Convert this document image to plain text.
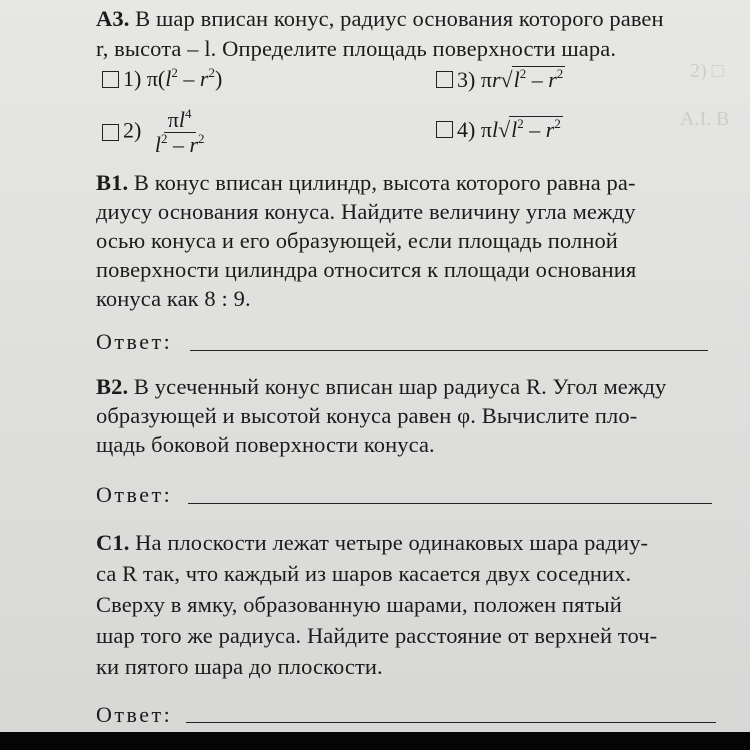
2) □
А.І. В
А3. В шар вписан конус, радиус основания которого равен
r, высота – l. Определите площадь поверхности шара.
1) $\pi(l^2 - r^2)$	3) $\pi r√l^2 - r^2$
$2) \frac{\pi l^4}{l^2 - r^2}$	4) $\pi l√l^2 - r^2$
В1. В конус вписан цилиндр, высота которого равна ра-
диусу основания конуса. Найдите величину угла между
осью конуса и его образующей, если площадь полной
поверхности цилиндра относится к площади основания
конуса как 8 : 9.
Ответ:
В2. В усеченный конус вписан шар радиуса R. Угол между
образующей и высотой конуса равен φ. Вычислите пло-
щадь боковой поверхности конуса.
Ответ:
С1. На плоскости лежат четыре одинаковых шара радиу-
са R так, что каждый из шаров касается двух соседних.
Сверху в ямку, образованную шарами, положен пятый
шар того же радиуса. Найдите расстояние от верхней точ-
ки пятого шара до плоскости.
Ответ:
